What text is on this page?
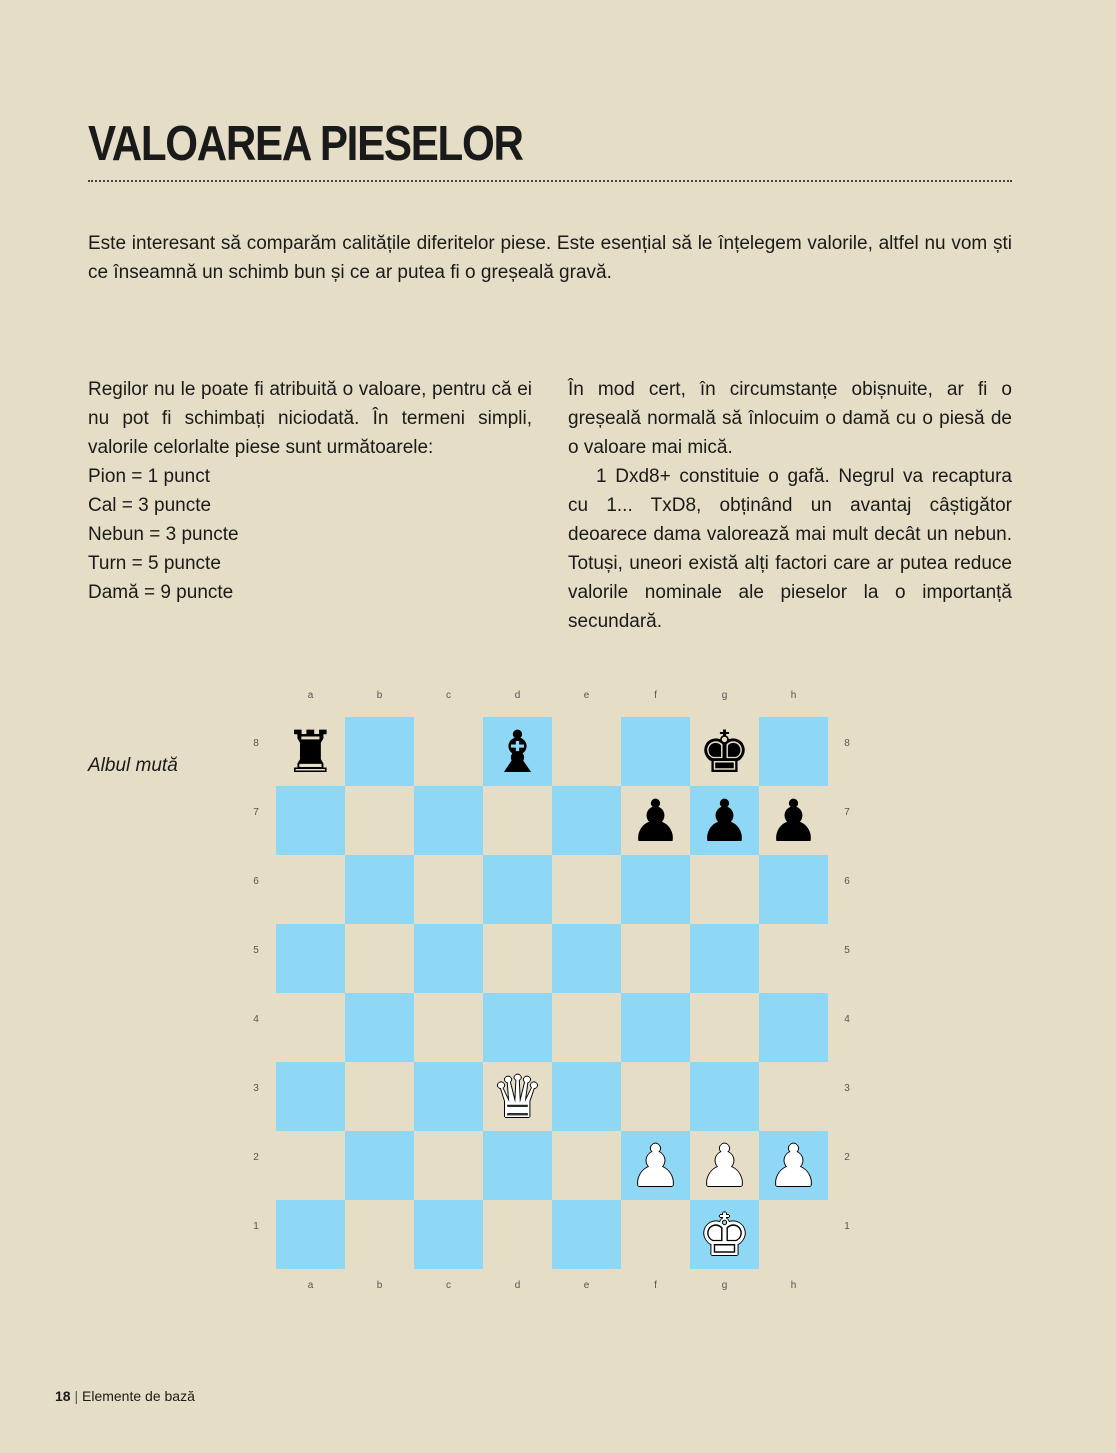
VALOAREA PIESELOR

Este interesant să comparăm calitățile diferitelor piese. Este esențial să le înțelegem valorile, altfel nu vom ști ce înseamnă un schimb bun și ce ar putea fi o greșeală gravă.

Regilor nu le poate fi atribuită o valoare, pentru că ei nu pot fi schimbați niciodată. În termeni simpli, valorile celorlalte piese sunt următoarele:

Pion = 1 punct
Cal = 3 puncte
Nebun = 3 puncte
Turn = 5 puncte
Damă = 9 puncte

În mod cert, în circumstanțe obișnuite, ar fi o greșeală normală să înlocuim o damă cu o piesă de o valoare mai mică.

1 Dxd8+ constituie o gafă. Negrul va recaptura cu 1... TxD8, obținând un avantaj câștigător deoarece dama valorează mai mult decât un nebun. Totuși, uneori există alți factori care ar putea reduce valorile nominale ale pieselor la o importanță secundară.

Albul mută

a
a
b
b
c
c
d
d
e
e
f
f
g
g
h
h
8	8
7	7
6	6
5	5
4	4
3	3
2	2
1	1
♜	♝	♚
♟ ♟ ♟
♛
♟ ♟ ♟
♚

18 | Elemente de bază
